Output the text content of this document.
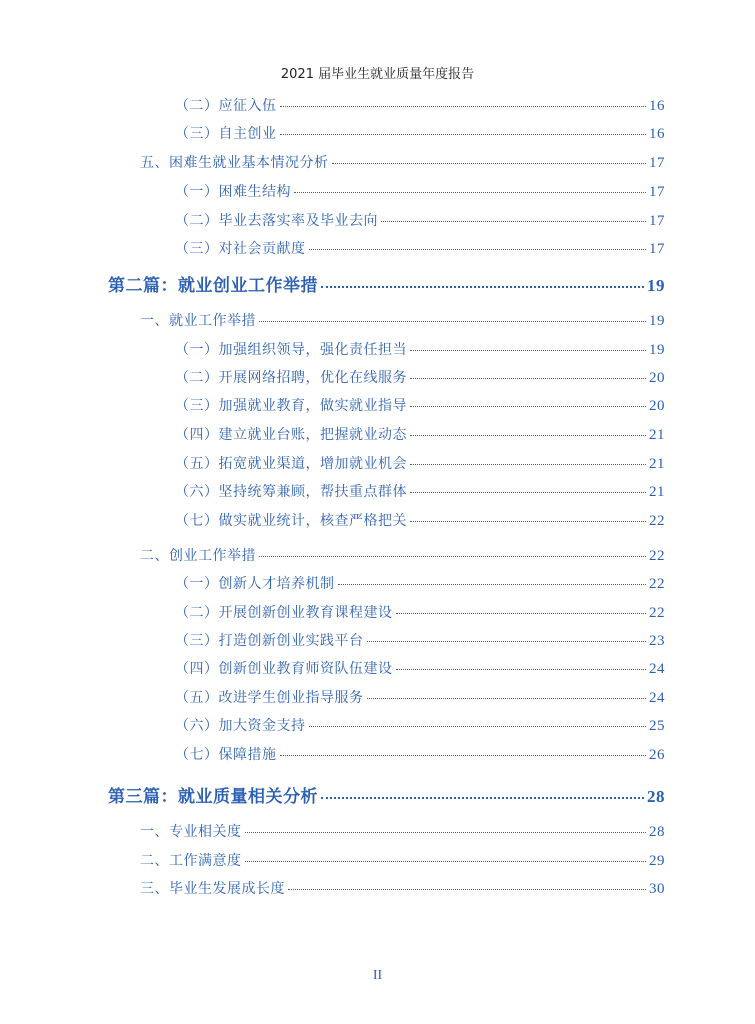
2021 届毕业生就业质量年度报告
（二）应征入伍	16
（三）自主创业	16
五、困难生就业基本情况分析	17
（一）困难生结构	17
（二）毕业去落实率及毕业去向	17
（三）对社会贡献度	17
第二篇：就业创业工作举措	19
一、就业工作举措	19
（一）加强组织领导，强化责任担当	19
（二）开展网络招聘，优化在线服务	20
（三）加强就业教育，做实就业指导	20
（四）建立就业台账，把握就业动态	21
（五）拓宽就业渠道，增加就业机会	21
（六）坚持统筹兼顾，帮扶重点群体	21
（七）做实就业统计，核查严格把关	22
二、创业工作举措	22
（一）创新人才培养机制	22
（二）开展创新创业教育课程建设	22
（三）打造创新创业实践平台	23
（四）创新创业教育师资队伍建设	24
（五）改进学生创业指导服务	24
（六）加大资金支持	25
（七）保障措施	26
第三篇：就业质量相关分析	28
一、专业相关度	28
二、工作满意度	29
三、毕业生发展成长度	30
II
